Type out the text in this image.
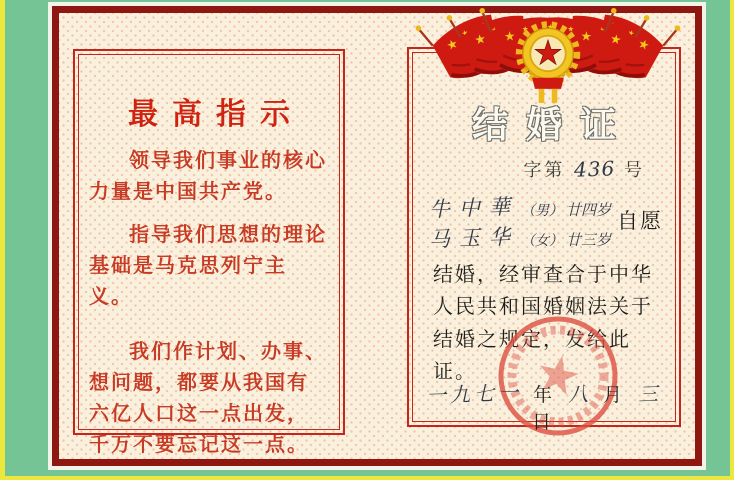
最高指示

领导我们事业的核心力量是中国共产党。

指导我们思想的理论基础是马克思列宁主义。

我们作计划、办事、想问题，都要从我国有六亿人口这一点出发，千万不要忘记这一点。

结婚证
字第 436 号
牛中華 （男） 廿四岁
马玉华 （女） 廿三岁
自愿

结婚，经审查合于中华人民共和国婚姻法关于结婚之规定，发给此证。

一九七一 年 八 月 三 日
